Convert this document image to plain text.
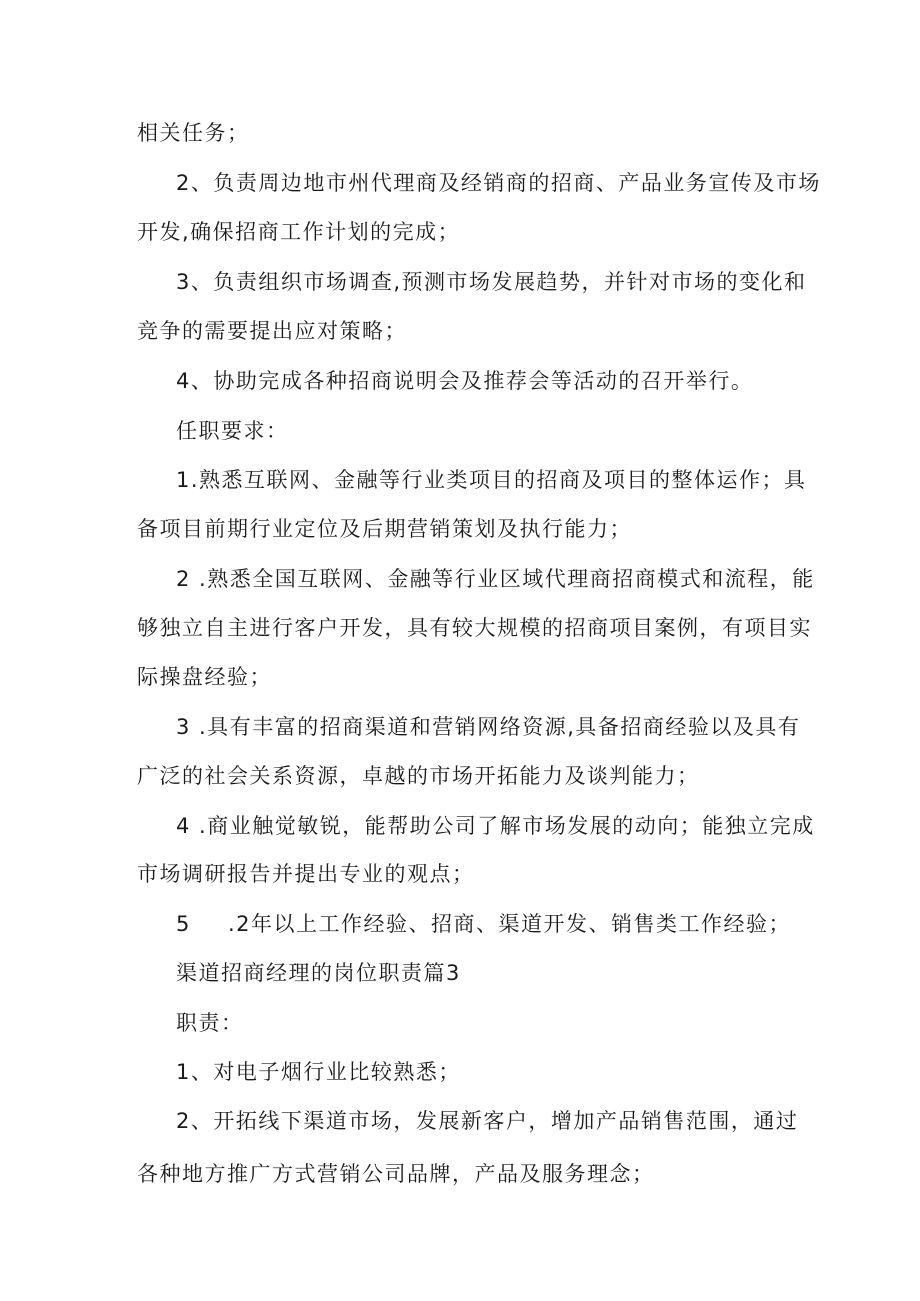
相关任务；
2、负责周边地市州代理商及经销商的招商、产品业务宣传及市场
开发,确保招商工作计划的完成；
3、负责组织市场调查,预测市场发展趋势，并针对市场的变化和
竞争的需要提出应对策略；
4、协助完成各种招商说明会及推荐会等活动的召开举行。
任职要求：
1.熟悉互联网、金融等行业类项目的招商及项目的整体运作；具
备项目前期行业定位及后期营销策划及执行能力；
2 .熟悉全国互联网、金融等行业区域代理商招商模式和流程，能
够独立自主进行客户开发，具有较大规模的招商项目案例，有项目实
际操盘经验；
3 .具有丰富的招商渠道和营销网络资源,具备招商经验以及具有
广泛的社会关系资源，卓越的市场开拓能力及谈判能力；
4 .商业触觉敏锐，能帮助公司了解市场发展的动向；能独立完成
市场调研报告并提出专业的观点；
5 .2年以上工作经验、招商、渠道开发、销售类工作经验；
渠道招商经理的岗位职责篇3
职责：
1、对电子烟行业比较熟悉；
2、开拓线下渠道市场，发展新客户，增加产品销售范围，通过
各种地方推广方式营销公司品牌，产品及服务理念；
